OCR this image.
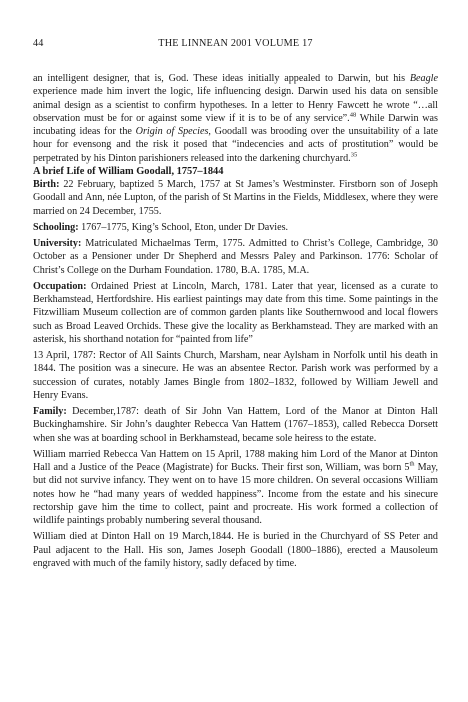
44	THE LINNEAN 2001 VOLUME 17

an intelligent designer, that is, God. These ideas initially appealed to Darwin, but his Beagle experience made him invert the logic, life influencing design. Darwin used his data on sensible animal design as a scientist to confirm hypotheses. In a letter to Henry Fawcett he wrote “…all observation must be for or against some view if it is to be of any service”.$^{48}$ While Darwin was incubating ideas for the Origin of Species, Goodall was brooding over the unsuitability of a late hour for evensong and the risk it posed that “indecencies and acts of prostitution” would be perpetrated by his Dinton parishioners released into the darkening churchyard.$^{35}$

A brief Life of William Goodall, 1757–1844

Birth: 22 February, baptized 5 March, 1757 at St James’s Westminster. Firstborn son of Joseph Goodall and Ann, née Lupton, of the parish of St Martins in the Fields, Middlesex, where they were married on 24 December, 1755.

Schooling: 1767–1775, King’s School, Eton, under Dr Davies.

University: Matriculated Michaelmas Term, 1775. Admitted to Christ’s College, Cambridge, 30 October as a Pensioner under Dr Shepherd and Messrs Paley and Parkinson. 1776: Scholar of Christ’s College on the Durham Foundation. 1780, B.A. 1785, M.A.

Occupation: Ordained Priest at Lincoln, March, 1781. Later that year, licensed as a curate to Berkhamstead, Hertfordshire. His earliest paintings may date from this time. Some paintings in the Fitzwilliam Museum collection are of common garden plants like Southernwood and local flowers such as Broad Leaved Orchids. These give the locality as Berkhamstead. They are marked with an asterisk, his shorthand notation for “painted from life”

13 April, 1787: Rector of All Saints Church, Marsham, near Aylsham in Norfolk until his death in 1844. The position was a sinecure. He was an absentee Rector. Parish work was performed by a succession of curates, notably James Bingle from 1802–1832, followed by William Jewell and Henry Evans.

Family: December,1787: death of Sir John Van Hattem, Lord of the Manor at Dinton Hall Buckinghamshire. Sir John’s daughter Rebecca Van Hattem (1767–1853), called Rebecca Dorsett when she was at boarding school in Berkhamstead, became sole heiress to the estate.

William married Rebecca Van Hattem on 15 April, 1788 making him Lord of the Manor at Dinton Hall and a Justice of the Peace (Magistrate) for Bucks. Their first son, William, was born 5th May, but did not survive infancy. They went on to have 15 more children. On several occasions William notes how he “had many years of wedded happiness”. Income from the estate and his sinecure rectorship gave him the time to collect, paint and procreate. His work formed a collection of wildlife paintings probably numbering several thousand.

William died at Dinton Hall on 19 March,1844. He is buried in the Churchyard of SS Peter and Paul adjacent to the Hall. His son, James Joseph Goodall (1800–1886), erected a Mausoleum engraved with much of the family history, sadly defaced by time.
